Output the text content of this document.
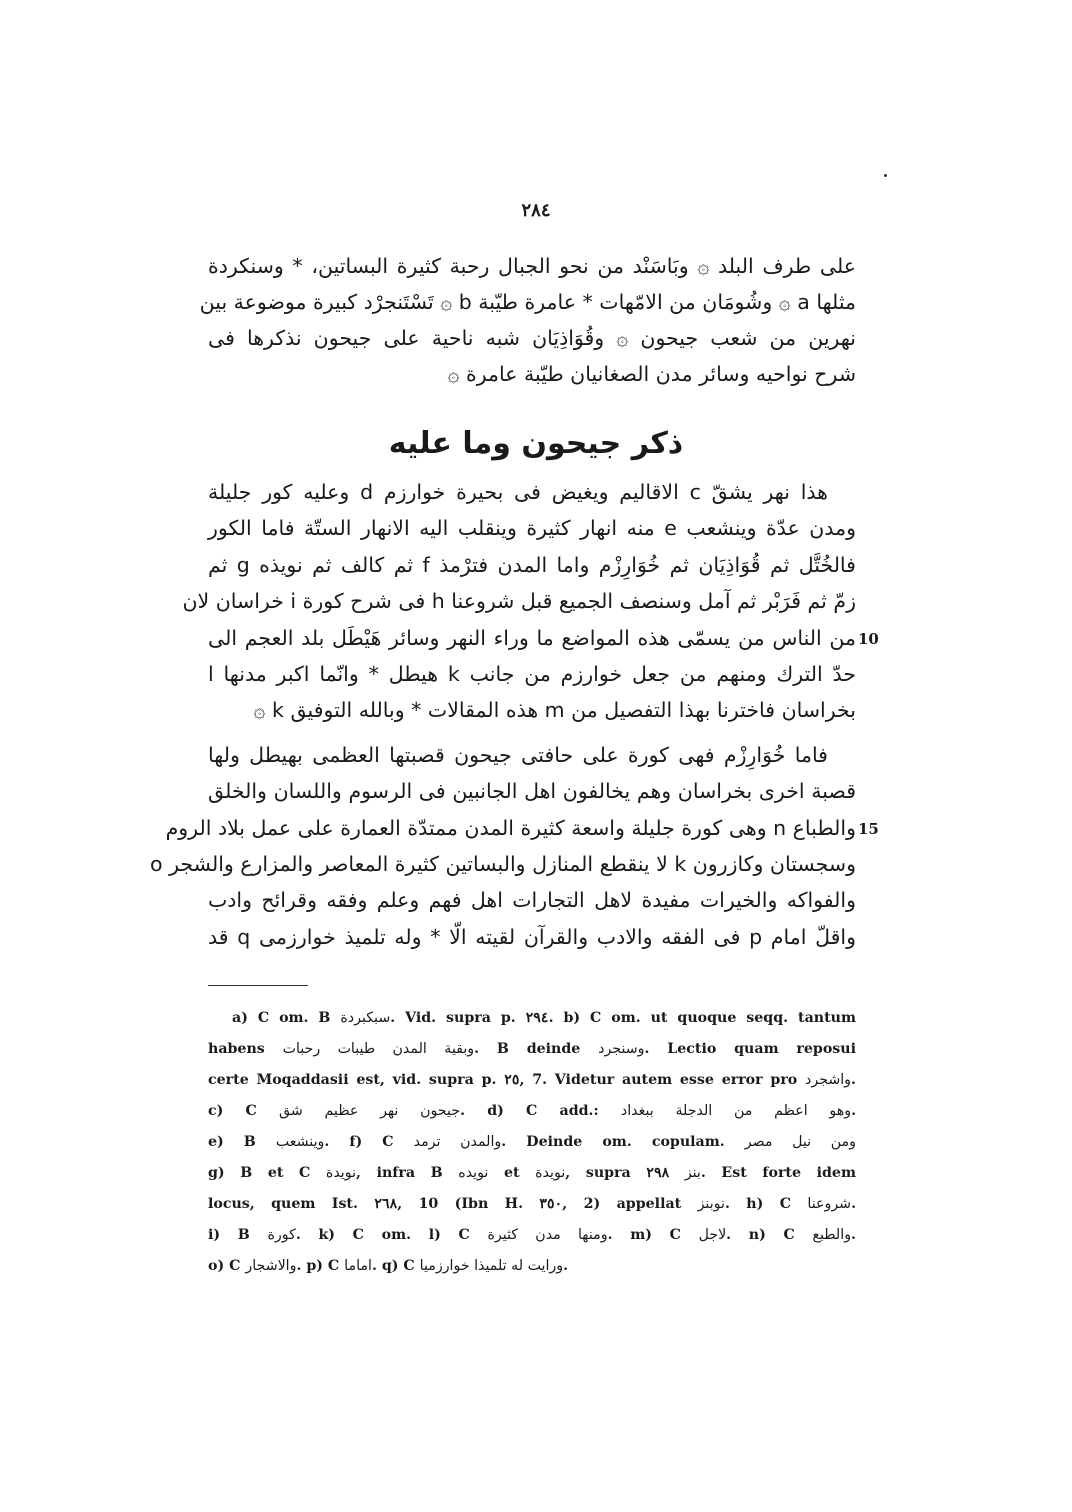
٢٨٤
على طرف البلد ۞ وبَاسَنْد من نحو الجبال رحبة كثيرة البساتين، * وسنكردة
مثلها a ۞ وشُومَان من الامّهات * عامرة طيّبة b ۞ تَسْتَنجرْد كبيرة موضوعة بين
نهرين من شعب جيحون ۞ وقُوَاذِيَان شبه ناحية على جيحون نذكرها فى
شرح نواحيه وسائر مدن الصغانيان طيّبة عامرة ۞
ذكر جيحون وما عليه
هذا نهر يشقّ c الاقاليم ويغيض فى بحيرة خوارزم d وعليه كور جليلة
ومدن عدّة وينشعب e منه انهار كثيرة وينقلب اليه الانهار الستّة فاما الكور
فالخُتَّل ثم قُوَاذِيَان ثم خُوَارِزْم واما المدن فترْمذ f ثم كالف ثم نويذه g ثم
زمّ ثم فَرَبْر ثم آمل وسنصف الجميع قبل شروعنا h فى شرح كورة i خراسان لان
10
من الناس من يسمّى هذه المواضع ما وراء النهر وسائر هَيْطَل بلد العجم الى
حدّ الترك ومنهم من جعل خوارزم من جانب k هيطل * وانّما اكبر مدنها l
بخراسان فاخترنا بهذا التفصيل من m هذه المقالات * وبالله التوفيق k ۞
فاما خُوَارِزْم فهى كورة على حافتى جيحون قصبتها العظمى بهيطل ولها
قصبة اخرى بخراسان وهم يخالفون اهل الجانبين فى الرسوم واللسان والخلق
15
والطباع n وهى كورة جليلة واسعة كثيرة المدن ممتدّة العمارة على عمل بلاد الروم
وسجستان وكازرون k لا ينقطع المنازل والبساتين كثيرة المعاصر والمزارع والشجر o
والفواكه والخيرات مفيدة لاهل التجارات اهل فهم وعلم وفقه وقرائح وادب
واقلّ امام p فى الفقه والادب والقرآن لقيته الّا * وله تلميذ خوارزمى q قد
a) C om. B سبكبردة. Vid. supra p. ٢٩٤. b) C om. ut quoque seqq. tantum
habens وبقية المدن طيبات رحبات. B deinde وسنجرد. Lectio quam reposui
certe Moqaddasii est, vid. supra p. ٢٥, 7. Videtur autem esse error pro واشجرد.
c) C جيحون نهر عظيم شق. d) C add.: وهو اعظم من الدجلة ببغداد.
e) B وينشعب. f) C والمدن ترمد. Deinde om. copulam. ومن نيل مصر
g) B et C نويدة, infra B نويده et نويدة, supra ٢٩٨ بنز. Est forte idem
locus, quem Ist. ٢٦٨, 10 (Ibn H. ٣٥٠, 2) appellat نوبنز. h) C شروعنا.
i) B كورة. k) C om. l) C ومنها مدن كثيرة. m) C لاجل. n) C والطبع.
o) C والاشجار. p) C اماما. q) C ورايت له تلميذا خوارزميا.
